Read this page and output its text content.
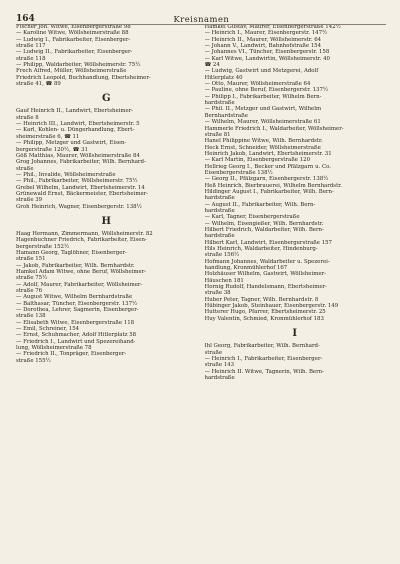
164	Kreisnamen

Fischer Joh. Witwe, Eisenbergerstraße 98

— Karoline Witwe, Wöllsheimerstraße 88

— Ludwig I., Fabrikarbeiter, Eisenberger-

straße 117

— Ludwig II., Fabrikarbeiter, Eisenberger-

straße 118

— Philipp, Waldarbeiter, Wöllsheimerstr. 75½

Frech Alfred, Müller, Wöllsheimerstraße

Friedrich Leopold, Buchhandlung, Ebertsheimer-

straße 41, ☎ 89

G

Gauf Heinrich II., Landwirt, Ebertsheimer-

straße 8

— Heinrich III., Landwirt, Ebertsheimerstr. 5

— Karl, Kohlen- u. Düngerhandlung, Ebert-

sheimerstraße 6, ☎ 11

— Philipp, Metzger und Gastwirt, Eisen-

bergerstraße 120½, ☎ 31

Göß Matthias, Maurer, Wöllsheimerstraße 84

Grog Johannes, Fabrikarbeiter, Wilh. Bernhard-

straße

— Phil., Invalide, Wöllsheimerstraße

— Phil., Fabrikarbeiter, Wöllsheimerstr. 75½

Grebel Wilhelm, Landwirt, Ebertsheimerstr. 14

Grünewald Ernst, Bäckermeister, Ebertsheimer-

straße 39

Groh Heinrich, Wagner, Eisenbergerstr. 138½

H

Haag Hermann, Zimmermann, Wöllsheimerstr. 82

Hagenbuchner Friedrich, Fabrikarbeiter, Eisen-

bergerstraße 152½

Hamann Georg, Taglöhner, Eisenberger-

straße 151

— Jakob, Fabrikarbeiter, Wilh. Bernhardstr.

Hamkel Adam Witwe, ohne Beruf, Wöllsheimer-

straße 75½

— Adolf, Maurer, Fabrikarbeiter, Wöllsheimer-

straße 76

— August Witwe, Wilhelm Bernhardstraße

— Balthasar, Tüncher, Eisenbergerstr. 137½

— Dorothea, Lehrer, Sagmerin, Eisenberger-

straße 138

— Elisabeth Witwe, Eisenbergerstraße 118

— Emil, Schreiner, 154

— Ernst, Schuhmacher, Adolf Hitlerplatz 58

— Friedrich I., Landwirt und Spezereihand-

lung, Wöllsheimerstraße 78

— Friedrich II., Tonpräger, Eisenberger-

straße 155½

Hamkel Gustav, Maurer, Eisenbergerstraße 142½

— Heinrich I., Maurer, Eisenbergerstr. 147½

— Heinrich II., Maurer, Wöllsheimerstr. 64

— Johann V., Landwirt, Bahnhofstraße 154

— Johannes VI., Tüncher, Eisenbergerstr. 158

— Karl Witwe, Landwirtin, Wöllsheimerstr. 40

☎ 24

— Ludwig, Gastwirt und Metzgerei, Adolf

Hitlerplatz 40

— Otto, Maurer, Wöllsheimerstraße 64

— Pauline, ohne Beruf, Eisenbergerstr. 137½

— Philipp I., Fabrikarbeiter, Wilhelm Bern-

hardstraße

— Phil. II., Metzger und Gastwirt, Wilhelm

Bernhardstraße

— Wilhelm, Maurer, Wöllsheimerstraße 61

Hammerle Friedrich I., Waldarbeiter, Wöllsheimer-

straße 81

Hanel Philippine Witwe, Wilh. Bernhardstr.

Heck Ernst, Schneider, Wöllsheimerstraße

Heinrich Jakob, Landwirt, Ebertsheimerstr. 31

— Karl Martin, Eisenbergerstraße 120

Hellrieg Georg I., Becker und Pfälzgarn u. Co.

Eisenbergerstraße 138½

— Georg II., Pfälzgarn, Eisenbergerstr. 138½

Heß Heinrich, Bierbrauerei, Wilhelm Bernhardstr.

Hildinger August I., Fabrikarbeiter, Wilh. Bern-

hardstraße

— August II., Fabrikarbeiter, Wilh. Bern-

hardstraße

— Karl, Tagner, Eisenbergerstraße

— Wilhelm, Eisengießer, Wilh. Bernhardstr.

Hilbert Friedrich, Waldarbeiter, Wilh. Bern-

hardstraße

Hilbert Karl, Landwirt, Eisenbergerstraße 157

Hils Heinrich, Waldarbeiter, Hindenburg-

straße 156½

Hofmann Johannes, Waldarbeiter u. Spezerei-

handlung, Kronmühlerhof 167

Holzhäuser Wilhelm, Gastwirt, Wöllsheimer-

Häuschen 181

Hornig Rudolf, Handelsmann, Ebertsheimer-

straße 38

Huber Peter, Tagner, Wilh. Bernhardstr. 8

Hübinger Jakob, Steinhauer, Eisenbergerstr. 149

Hutterer Hugo, Pfarrer, Ebertsheimerstr. 25

Huy Valentin, Schmied, Kronmühlerhof 183

I

Ihl Georg, Fabrikarbeiter, Wilh. Bernhard-

straße

— Heinrich I., Fabrikarbeiter, Eisenberger-

straße 143

— Heinrich II. Witwe, Tagnerin, Wilh. Bern-

hardstraße
